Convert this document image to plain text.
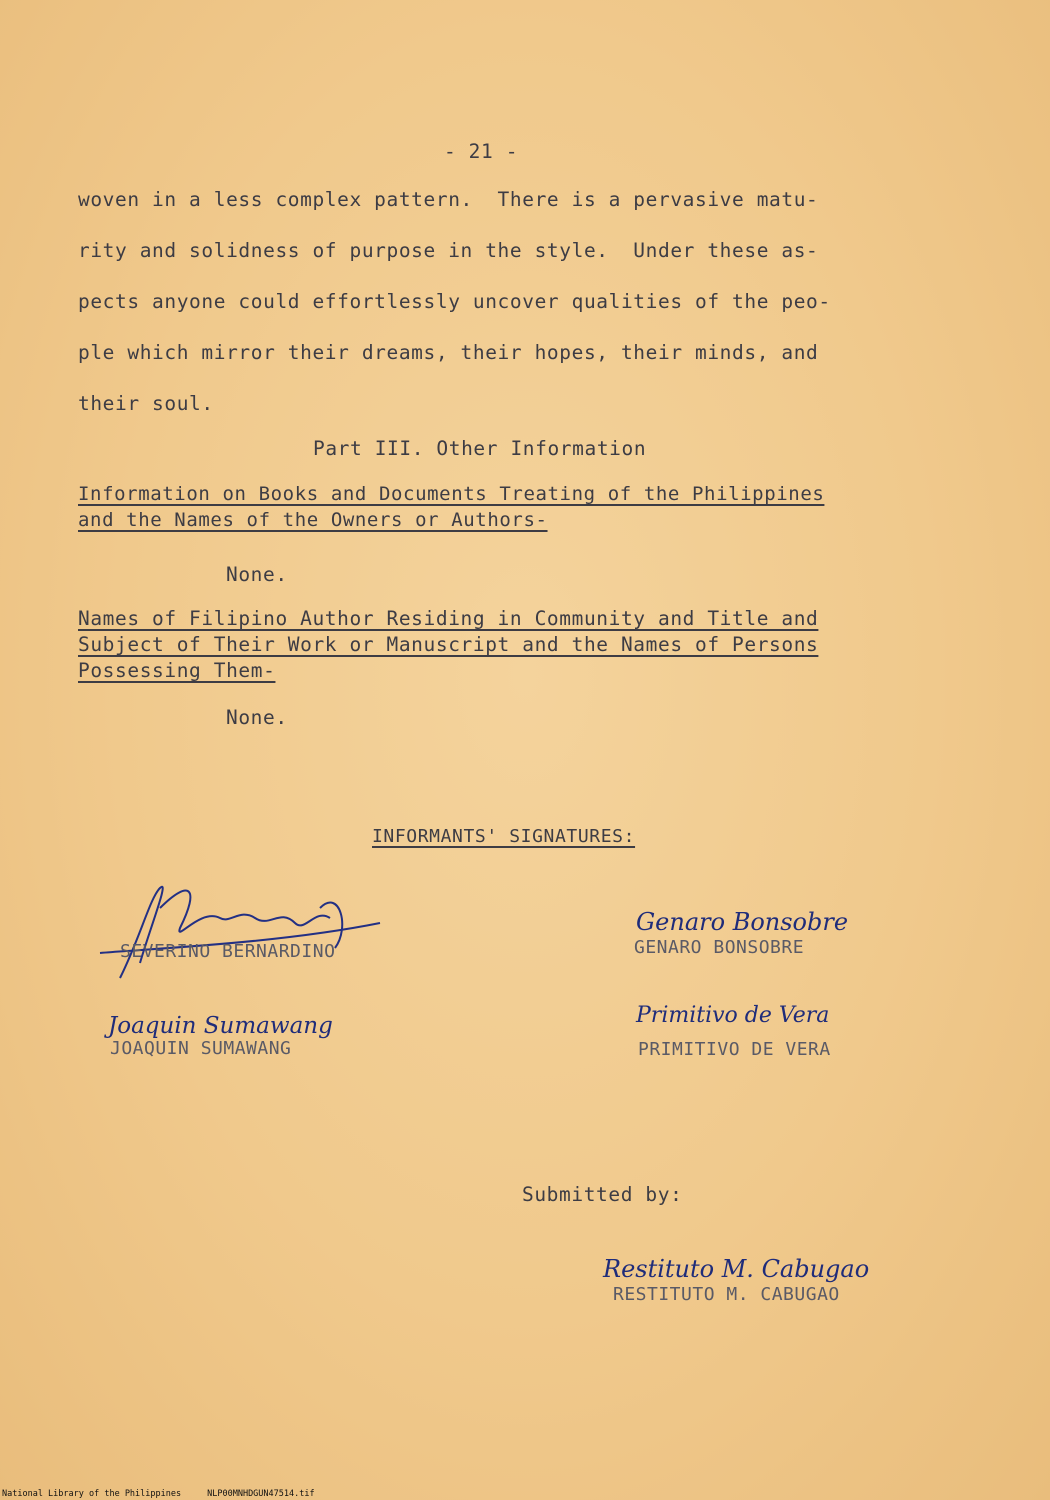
- 21 -
woven in a less complex pattern.  There is a pervasive matu-
rity and solidness of purpose in the style.  Under these as-
pects anyone could effortlessly uncover qualities of the peo-
ple which mirror their dreams, their hopes, their minds, and
their soul.
Part III. Other Information
Information on Books and Documents Treating of the Philippines
and the Names of the Owners or Authors-
None.
Names of Filipino Author Residing in Community and Title and
Subject of Their Work or Manuscript and the Names of Persons
Possessing Them-
None.
INFORMANTS' SIGNATURES:
SEVERINO BERNARDINO
Genaro Bonsobre
GENARO BONSOBRE
Joaquin Sumawang
JOAQUIN SUMAWANG
Primitivo de Vera
PRIMITIVO DE VERA
Submitted by:
Restituto M. Cabugao
RESTITUTO M. CABUGAO
National Library of the Philippines	NLP00MNHDGUN47514.tif
